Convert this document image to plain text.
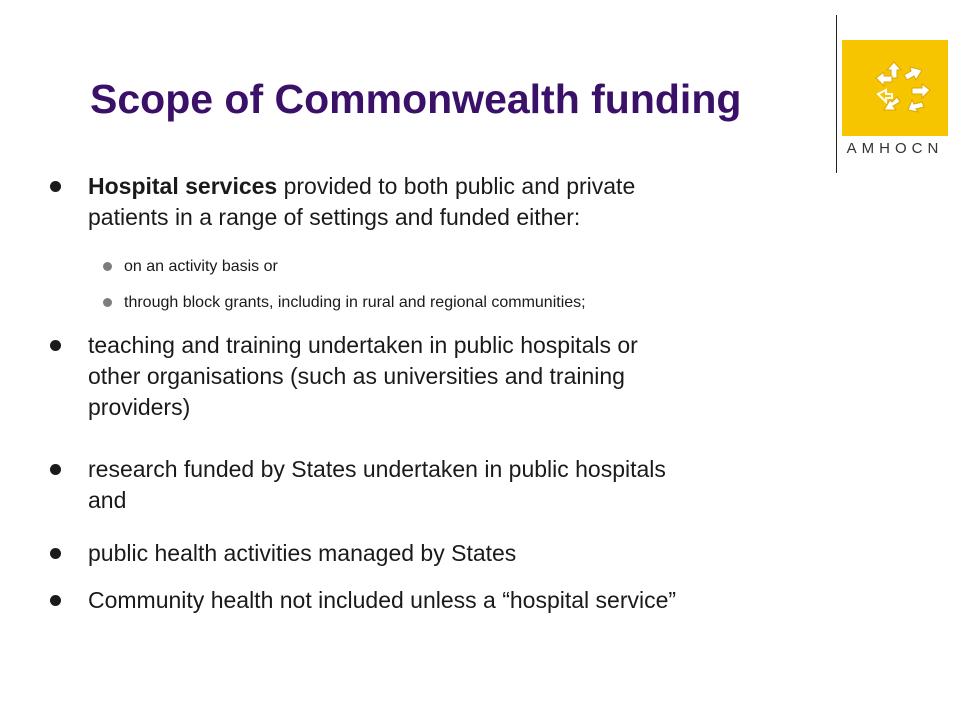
Scope of Commonwealth funding
AMHOCN
Hospital services provided to both public and private
patients in a range of settings and funded either:
on an activity basis or
through block grants, including in rural and regional communities;
teaching and training undertaken in public hospitals or
other organisations (such as universities and training
providers)
research funded by States undertaken in public hospitals
and
public health activities managed by States
Community health not included unless a “hospital service”
